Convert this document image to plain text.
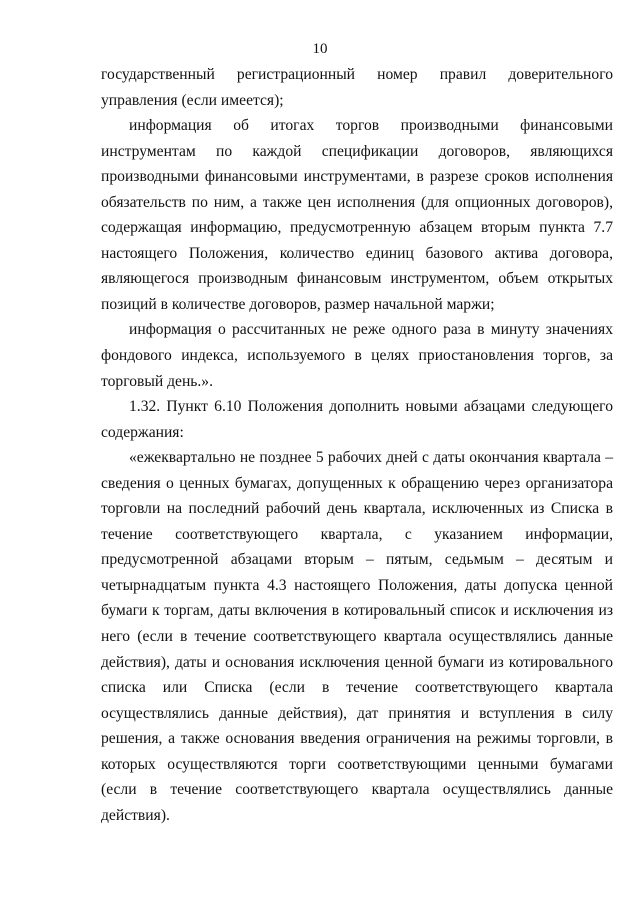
10

государственный регистрационный номер правил доверительного управления (если имеется);

информация об итогах торгов производными финансовыми инструментам по каждой спецификации договоров, являющихся производными финансовыми инструментами, в разрезе сроков исполнения обязательств по ним, а также цен исполнения (для опционных договоров), содержащая информацию, предусмотренную абзацем вторым пункта 7.7 настоящего Положения, количество единиц базового актива договора, являющегося производным финансовым инструментом, объем открытых позиций в количестве договоров, размер начальной маржи;

информация о рассчитанных не реже одного раза в минуту значениях фондового индекса, используемого в целях приостановления торгов, за торговый день.».

1.32. Пункт 6.10 Положения дополнить новыми абзацами следующего содержания:

«ежеквартально не позднее 5 рабочих дней с даты окончания квартала – сведения о ценных бумагах, допущенных к обращению через организатора торговли на последний рабочий день квартала, исключенных из Списка в течение соответствующего квартала, с указанием информации, предусмотренной абзацами вторым – пятым, седьмым – десятым и четырнадцатым пункта 4.3 настоящего Положения, даты допуска ценной бумаги к торгам, даты включения в котировальный список и исключения из него (если в течение соответствующего квартала осуществлялись данные действия), даты и основания исключения ценной бумаги из котировального списка или Списка (если в течение соответствующего квартала осуществлялись данные действия), дат принятия и вступления в силу решения, а также основания введения ограничения на режимы торговли, в которых осуществляются торги соответствующими ценными бумагами (если в течение соответствующего квартала осуществлялись данные действия).
